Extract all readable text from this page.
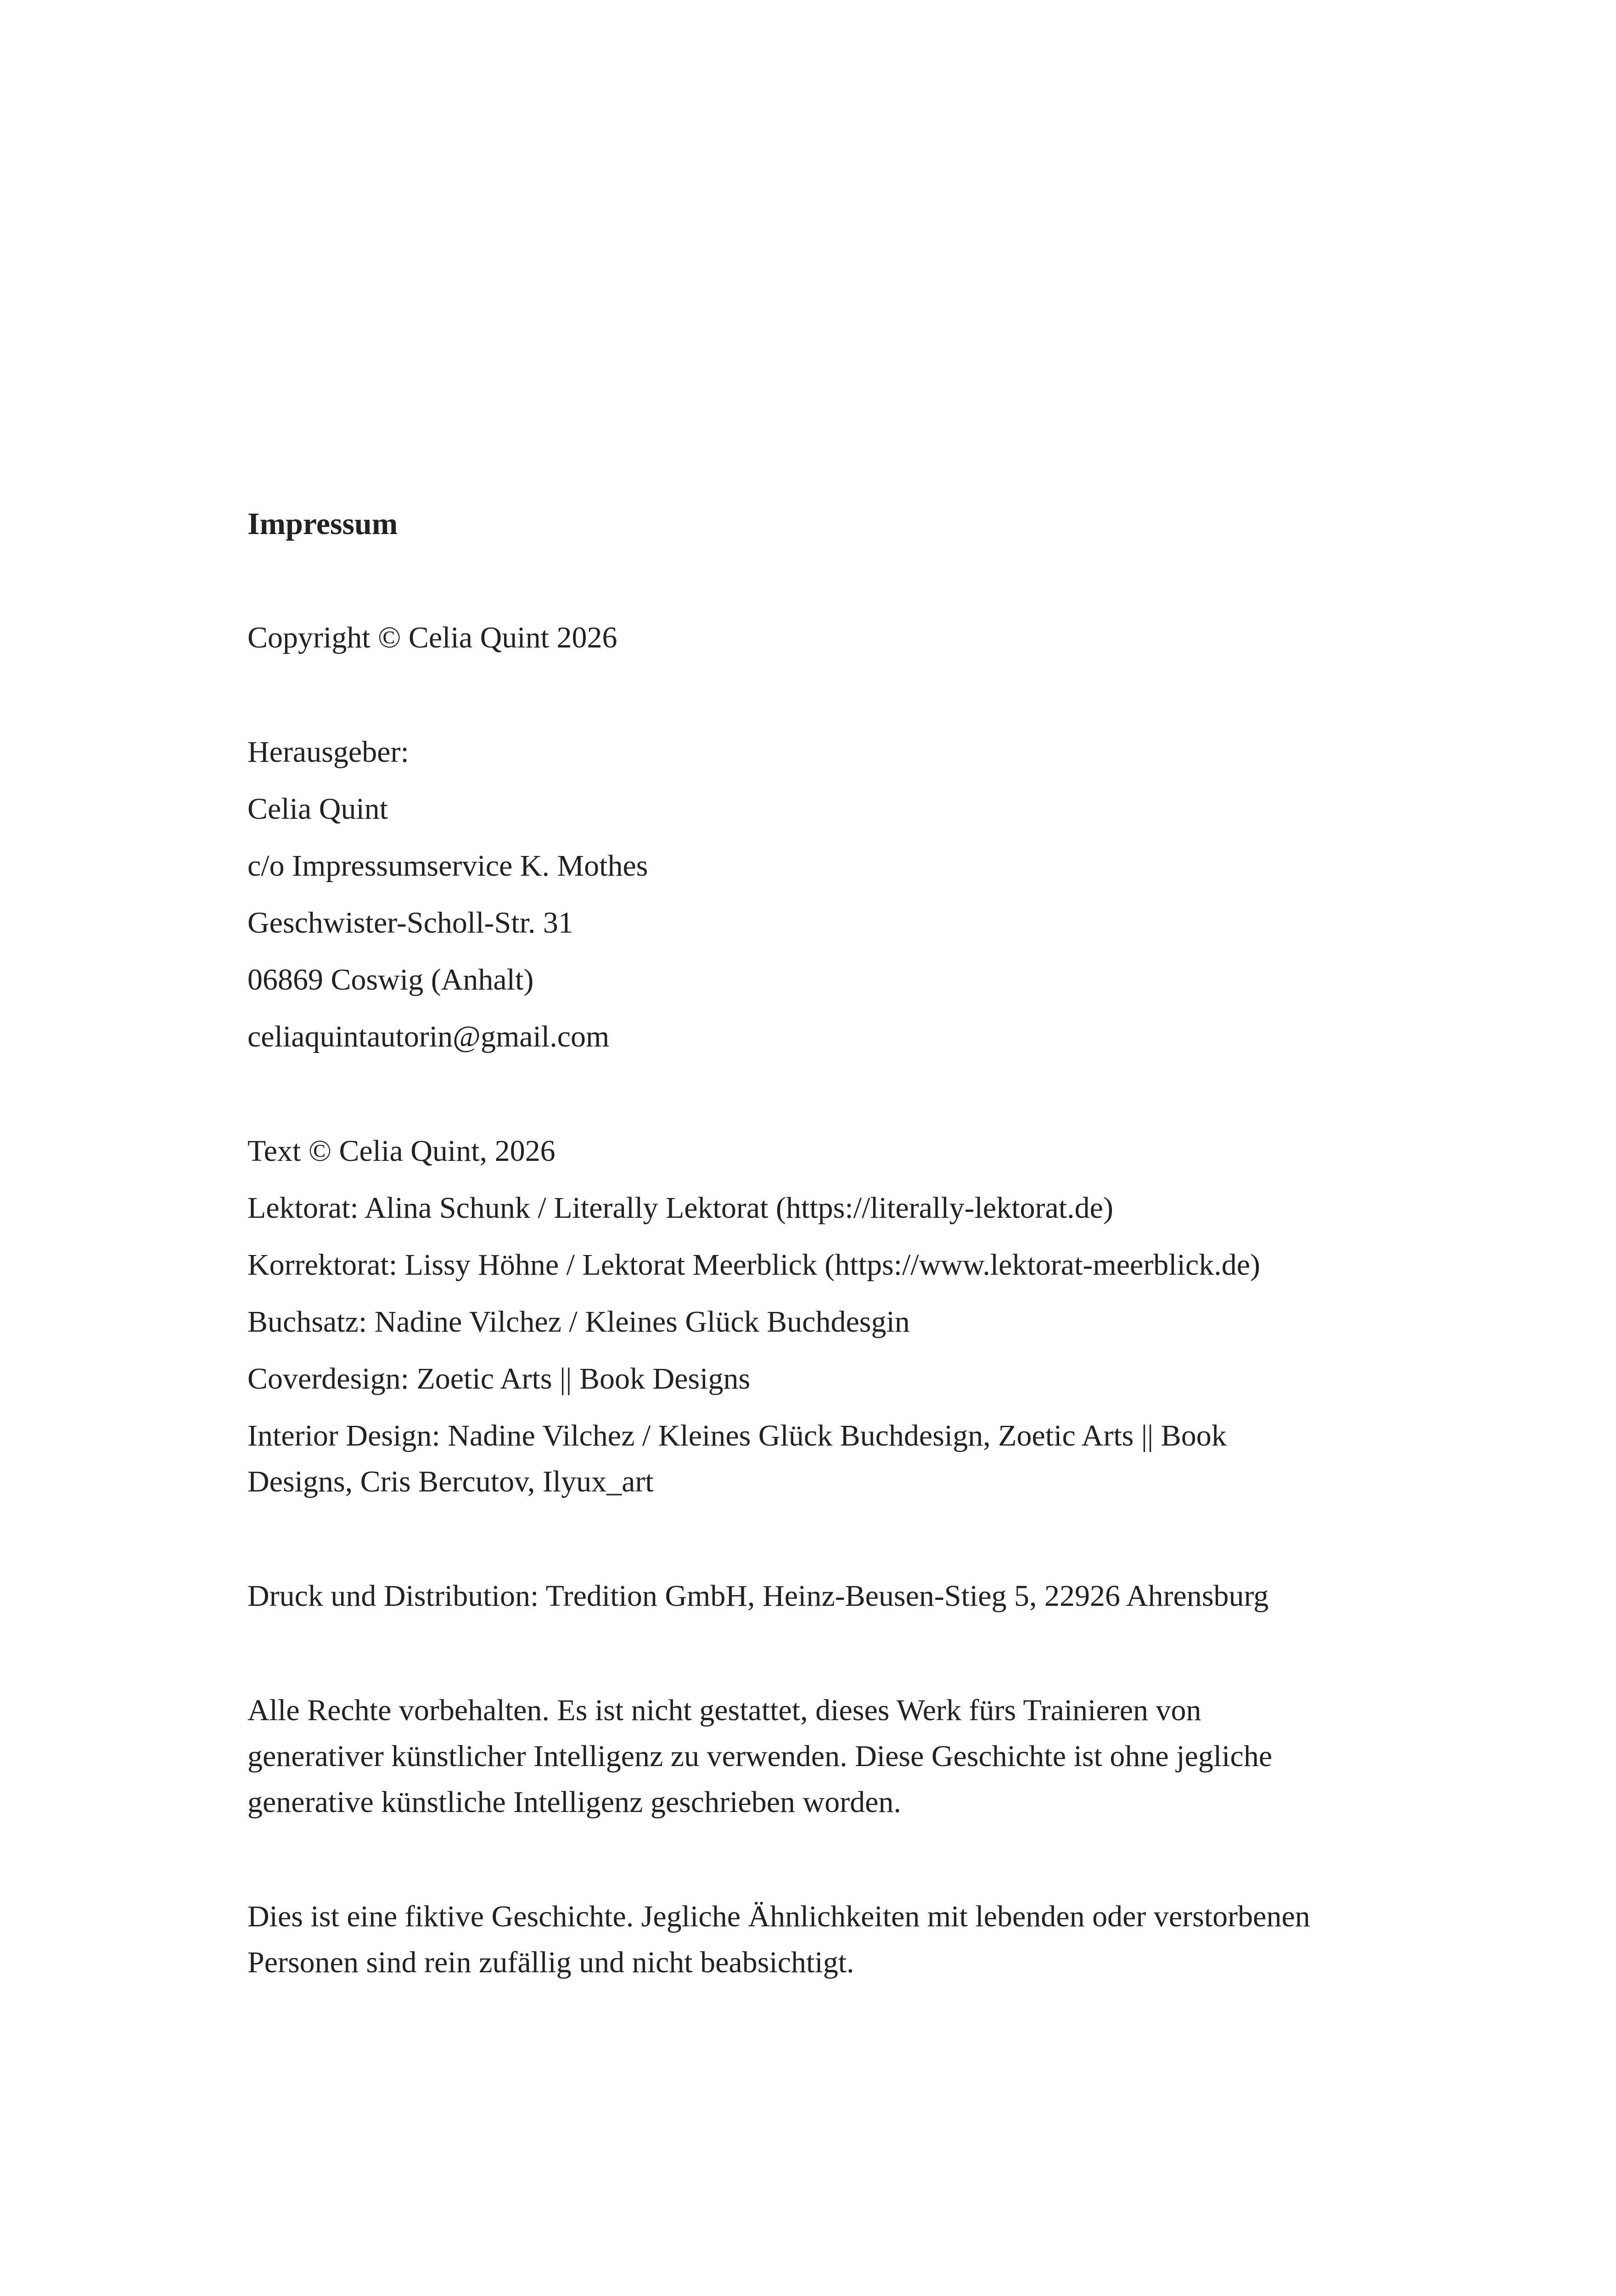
Impressum
Copyright © Celia Quint 2026
Herausgeber:
Celia Quint
c/o Impressumservice K. Mothes
Geschwister-Scholl-Str. 31
06869 Coswig (Anhalt)
celiaquintautorin@gmail.com
Text © Celia Quint, 2026
Lektorat: Alina Schunk / Literally Lektorat (https://literally-lektorat.de)
Korrektorat: Lissy Höhne / Lektorat Meerblick (https://www.lektorat-meerblick.de)
Buchsatz: Nadine Vilchez / Kleines Glück Buchdesgin
Coverdesign: Zoetic Arts || Book Designs
Interior Design: Nadine Vilchez / Kleines Glück Buchdesign, Zoetic Arts || Book Designs, Cris Bercutov, Ilyux_art
Druck und Distribution: Tredition GmbH, Heinz-Beusen-Stieg 5, 22926 Ahrensburg
Alle Rechte vorbehalten. Es ist nicht gestattet, dieses Werk fürs Trainieren von generativer künstlicher Intelligenz zu verwenden. Diese Geschichte ist ohne jegliche generative künstliche Intelligenz geschrieben worden.
Dies ist eine fiktive Geschichte. Jegliche Ähnlichkeiten mit lebenden oder verstorbenen Personen sind rein zufällig und nicht beabsichtigt.
